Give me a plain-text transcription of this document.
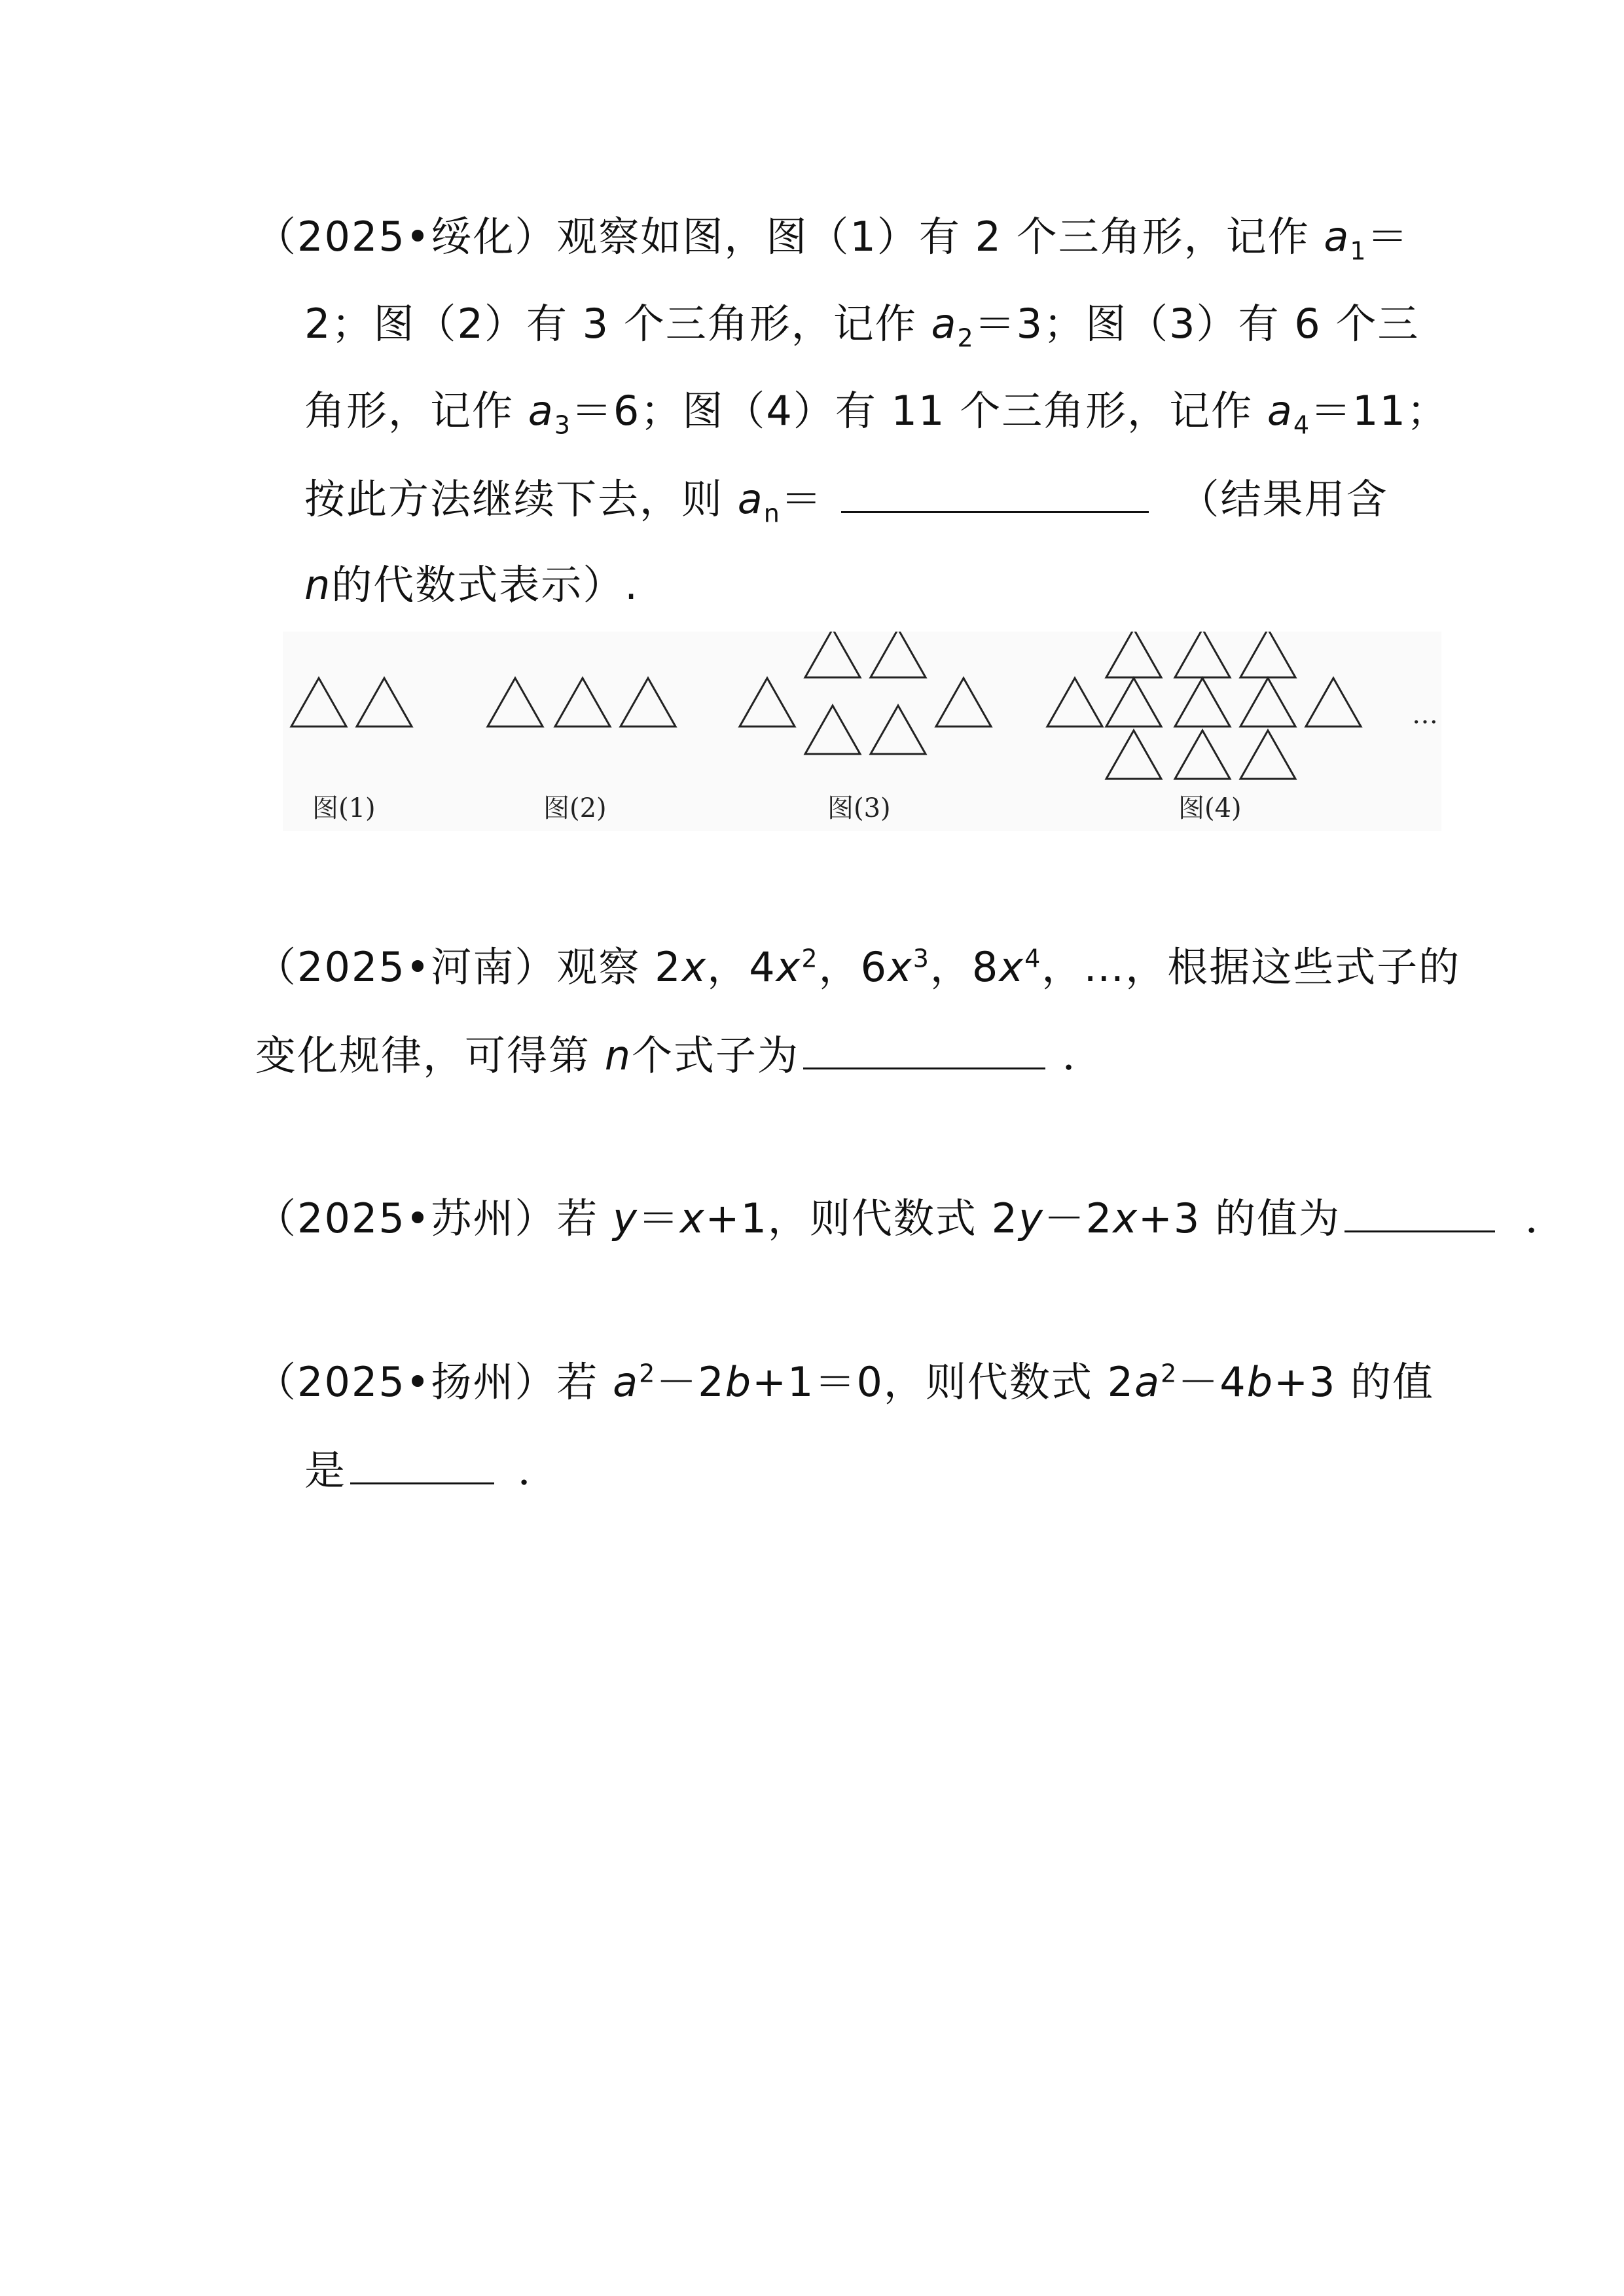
（2025•绥化）观察如图，图（1）有 2 个三角形，记作 $a_1=$
2；图（2）有 3 个三角形，记作 $a_2=3$；图（3）有 6 个三
角形，记作 $a_3=6$；图（4）有 11 个三角形，记作 $a_4=11$；
按此方法继续下去，则 $a_n=$	（结果用含
n的代数式表示）.
图(1)	图(2)	图(3)	图(4)
…
（2025•河南）观察 2x，$4x^2$，$6x^3$，$8x^4$，…，根据这些式子的
变化规律，可得第 n个式子为	．
（2025•苏州）若 y＝x+1，则代数式 2y－2x+3 的值为	．
（2025•扬州）若 $a^2-2b+1=0$，则代数式 $2a^2-4b+3$ 的值
是	．
